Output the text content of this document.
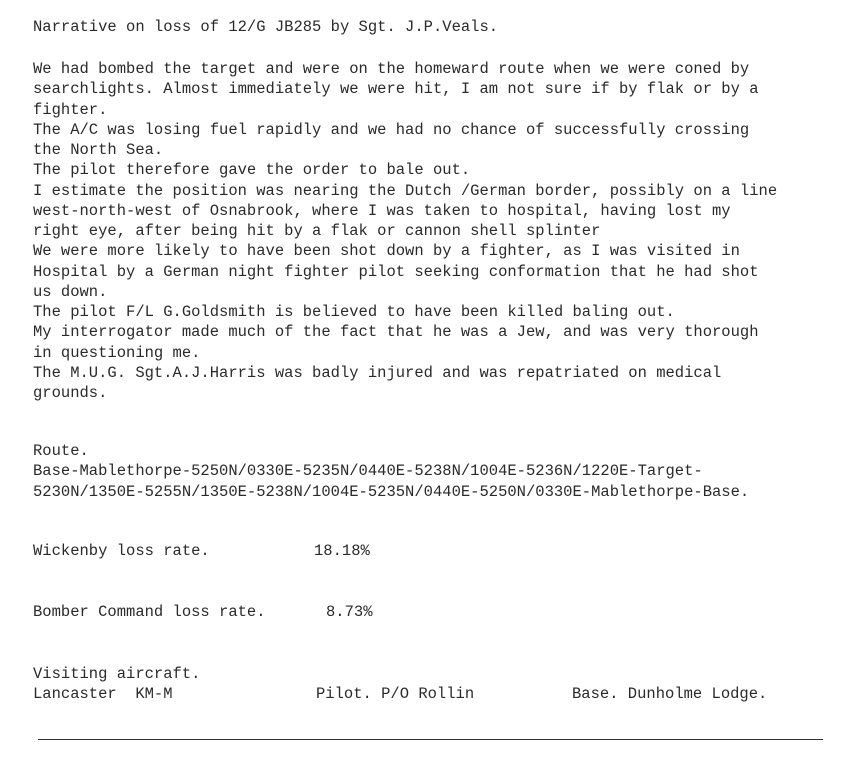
Narrative on loss of 12/G JB285 by Sgt. J.P.Veals.
We had bombed the target and were on the homeward route when we were coned by
searchlights. Almost immediately we were hit, I am not sure if by flak or by a
fighter.
The A/C was losing fuel rapidly and we had no chance of successfully crossing
the North Sea.
The pilot therefore gave the order to bale out.
I estimate the position was nearing the Dutch /German border, possibly on a line
west-north-west of Osnabrook, where I was taken to hospital, having lost my
right eye, after being hit by a flak or cannon shell splinter
We were more likely to have been shot down by a fighter, as I was visited in
Hospital by a German night fighter pilot seeking conformation that he had shot
us down.
The pilot F/L G.Goldsmith is believed to have been killed baling out.
My interrogator made much of the fact that he was a Jew, and was very thorough
in questioning me.
The M.U.G. Sgt.A.J.Harris was badly injured and was repatriated on medical
grounds.
Route.
Base-Mablethorpe-5250N/0330E-5235N/0440E-5238N/1004E-5236N/1220E-Target-
5230N/1350E-5255N/1350E-5238N/1004E-5235N/0440E-5250N/0330E-Mablethorpe-Base.
Wickenby loss rate.	18.18%
Bomber Command loss rate.	8.73%
Visiting aircraft.
Lancaster  KM-M	Pilot. P/O Rollin	Base. Dunholme Lodge.
